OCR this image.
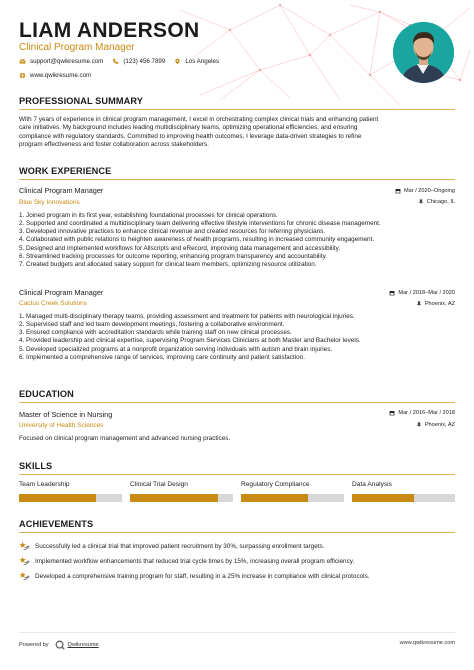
LIAM ANDERSON
Clinical Program Manager
support@qwikresume.com	(123) 456 7899	Los Angeles
www.qwikresume.com
PROFESSIONAL SUMMARY
With 7 years of experience in clinical program management, I excel in orchestrating complex clinical trials and enhancing patient
care initiatives. My background includes leading multidisciplinary teams, optimizing operational efficiencies, and ensuring
compliance with regulatory standards. Committed to improving health outcomes, I leverage data-driven strategies to refine
program effectiveness and foster collaboration across stakeholders.
WORK EXPERIENCE
Clinical Program Manager
Blue Sky Innovations
Mar / 2020–Ongoing
Chicago, IL
1. Joined program in its first year, establishing foundational processes for clinical operations.
2. Supported and coordinated a multidisciplinary team delivering effective lifestyle interventions for chronic disease management.
3. Developed innovative practices to enhance clinical revenue and created resources for referring physicians.
4. Collaborated with public relations to heighten awareness of health programs, resulting in increased community engagement.
5. Designed and implemented workflows for Allscripts and eRecord, improving data management and accessibility.
6. Streamlined tracking processes for outcome reporting, enhancing program transparency and accountability.
7. Created budgets and allocated salary support for clinical team members, optimizing resource utilization.
Clinical Program Manager
Cactus Creek Solutions
Mar / 2018–Mar / 2020
Phoenix, AZ
1. Managed multi-disciplinary therapy teams, providing assessment and treatment for patients with neurological injuries.
2. Supervised staff and led team development meetings, fostering a collaborative environment.
3. Ensured compliance with accreditation standards while training staff on new clinical processes.
4. Provided leadership and clinical expertise, supervising Program Services Clinicians at both Master and Bachelor levels.
5. Developed specialized programs at a nonprofit organization serving individuals with autism and brain injuries.
6. Implemented a comprehensive range of services, improving care continuity and patient satisfaction.
EDUCATION
Master of Science in Nursing
University of Health Sciences
Mar / 2016–Mar / 2018
Phoenix, AZ
Focused on clinical program management and advanced nursing practices.
SKILLS
Team Leadership	Clinical Trial Design	Regulatory Compliance	Data Analysis
ACHIEVEMENTS
Successfully led a clinical trial that improved patient recruitment by 30%, surpassing enrollment targets.
Implemented workflow enhancements that reduced trial cycle times by 15%, increasing overall program efficiency.
Developed a comprehensive training program for staff, resulting in a 25% increase in compliance with clinical protocols.
Powered by	Qwikresume	www.qwikresume.com
